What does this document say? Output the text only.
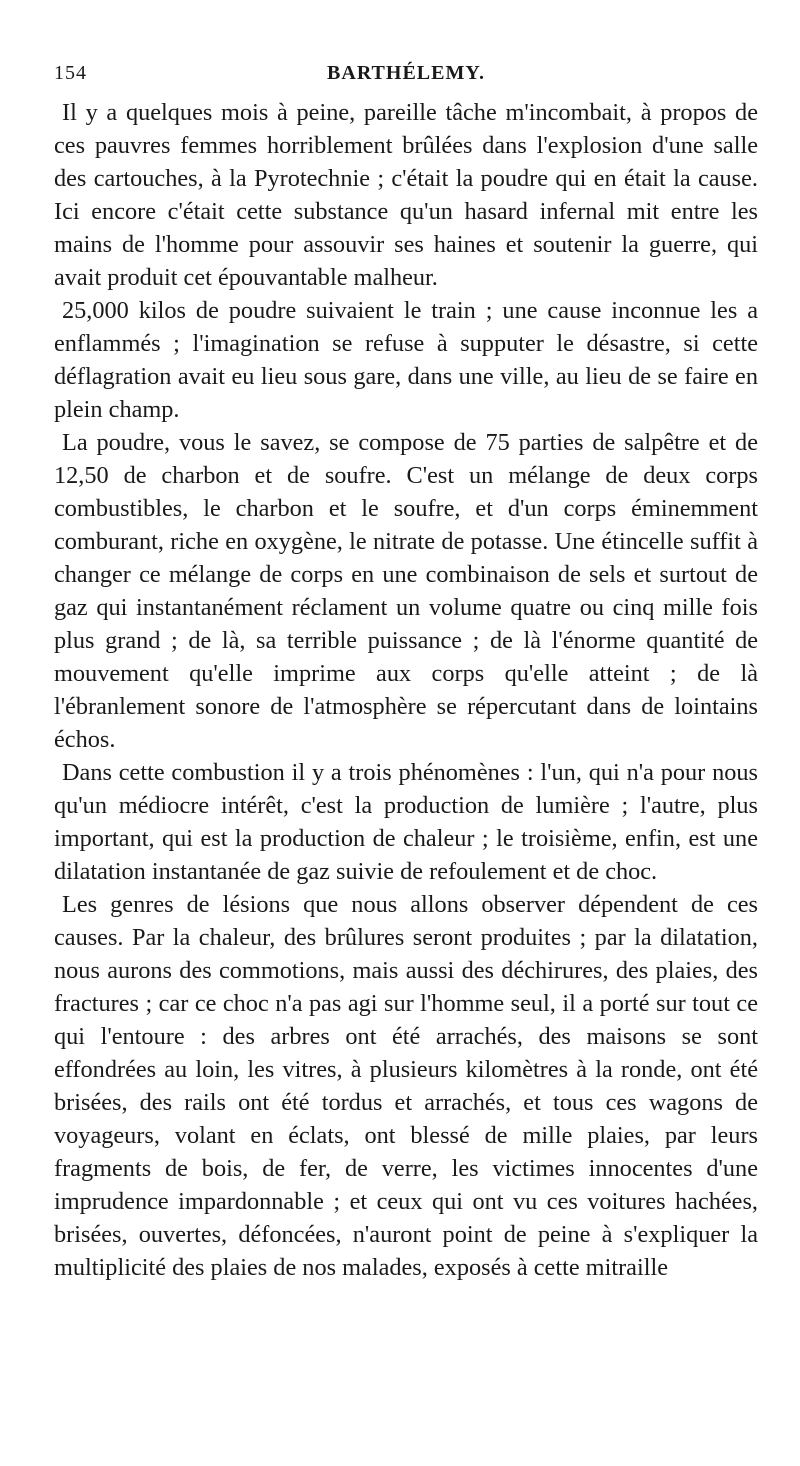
154	BARTHÉLEMY.

Il y a quelques mois à peine, pareille tâche m'incombait, à propos de ces pauvres femmes horriblement brûlées dans l'explosion d'une salle des cartouches, à la Pyrotechnie ; c'était la poudre qui en était la cause. Ici encore c'était cette substance qu'un hasard infernal mit entre les mains de l'homme pour assouvir ses haines et soutenir la guerre, qui avait produit cet épouvantable malheur.

25,000 kilos de poudre suivaient le train ; une cause inconnue les a enflammés ; l'imagination se refuse à supputer le désastre, si cette déflagration avait eu lieu sous gare, dans une ville, au lieu de se faire en plein champ.

La poudre, vous le savez, se compose de 75 parties de salpêtre et de 12,50 de charbon et de soufre. C'est un mélange de deux corps combustibles, le charbon et le soufre, et d'un corps éminemment comburant, riche en oxygène, le nitrate de potasse. Une étincelle suffit à changer ce mélange de corps en une combinaison de sels et surtout de gaz qui instantanément réclament un volume quatre ou cinq mille fois plus grand ; de là, sa terrible puissance ; de là l'énorme quantité de mouvement qu'elle imprime aux corps qu'elle atteint ; de là l'ébranlement sonore de l'atmosphère se répercutant dans de lointains échos.

Dans cette combustion il y a trois phénomènes : l'un, qui n'a pour nous qu'un médiocre intérêt, c'est la production de lumière ; l'autre, plus important, qui est la production de chaleur ; le troisième, enfin, est une dilatation instantanée de gaz suivie de refoulement et de choc.

Les genres de lésions que nous allons observer dépendent de ces causes. Par la chaleur, des brûlures seront produites ; par la dilatation, nous aurons des commotions, mais aussi des déchirures, des plaies, des fractures ; car ce choc n'a pas agi sur l'homme seul, il a porté sur tout ce qui l'entoure : des arbres ont été arrachés, des maisons se sont effondrées au loin, les vitres, à plusieurs kilomètres à la ronde, ont été brisées, des rails ont été tordus et arrachés, et tous ces wagons de voyageurs, volant en éclats, ont blessé de mille plaies, par leurs fragments de bois, de fer, de verre, les victimes innocentes d'une imprudence impardonnable ; et ceux qui ont vu ces voitures hachées, brisées, ouvertes, défoncées, n'auront point de peine à s'expliquer la multiplicité des plaies de nos malades, exposés à cette mitraille
